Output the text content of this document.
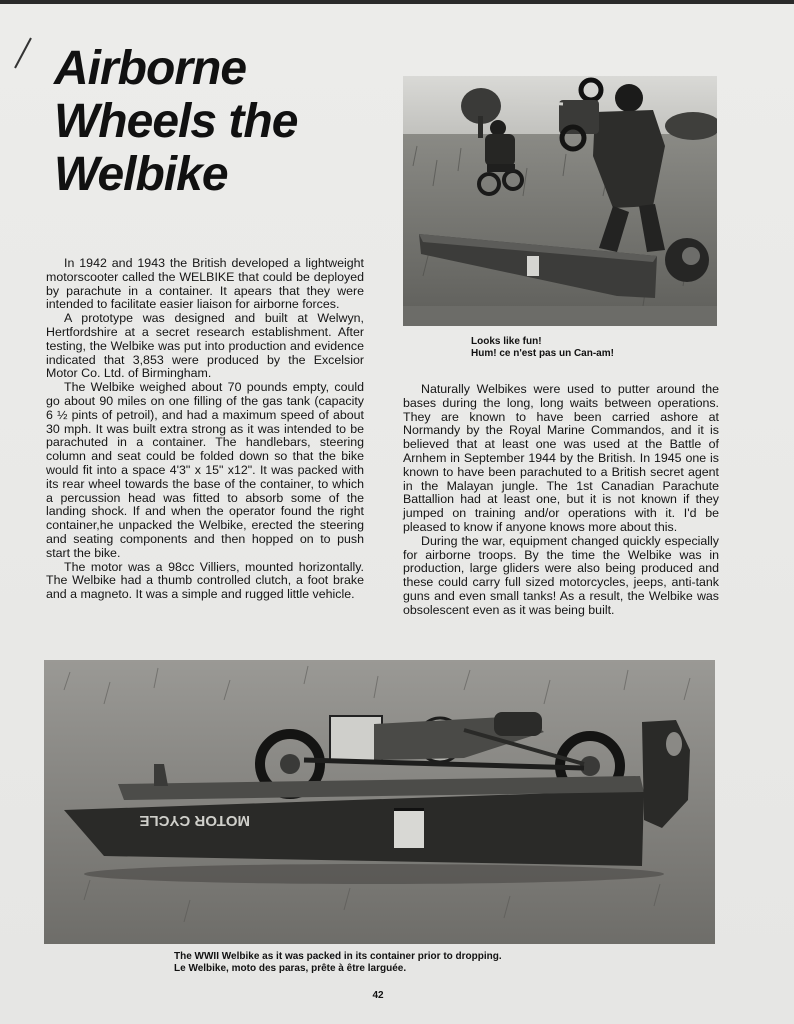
Airborne
Wheels the
Welbike

In 1942 and 1943 the British developed a lightweight motorscooter called the WELBIKE that could be deployed by parachute in a container. It apears that they were intended to facilitate easier liaison for airborne forces.

A prototype was designed and built at Welwyn, Hertfordshire at a secret research establishment. After testing, the Welbike was put into production and evidence indicated that 3,853 were produced by the Excelsior Motor Co. Ltd. of Birmingham.

The Welbike weighed about 70 pounds empty, could go about 90 miles on one filling of the gas tank (capacity 6 ½ pints of petroil), and had a maximum speed of about 30 mph. It was built extra strong as it was intended to be parachuted in a container. The handlebars, steering column and seat could be folded down so that the bike would fit into a space 4'3" x 15" x12". It was packed with its rear wheel towards the base of the container, to which a percussion head was fitted to absorb some of the landing shock. If and when the operator found the right container,he unpacked the Welbike, erected the steering and seating components and then hopped on to push start the bike.

The motor was a 98cc Villiers, mounted horizontally. The Welbike had a thumb controlled clutch, a foot brake and a magneto. It was a simple and rugged little vehicle.

Looks like fun!
Hum! ce n'est pas un Can-am!

Naturally Welbikes were used to putter around the bases during the long, long waits between operations. They are known to have been carried ashore at Normandy by the Royal Marine Commandos, and it is believed that at least one was used at the Battle of Arnhem in September 1944 by the British. In 1945 one is known to have been parachuted to a British secret agent in the Malayan jungle. The 1st Canadian Parachute Battallion had at least one, but it is not known if they jumped on training and/or operations with it. I'd be pleased to know if anyone knows more about this.

During the war, equipment changed quickly especially for airborne troops. By the time the Welbike was in production, large gliders were also being produced and these could carry full sized motorcycles, jeeps, anti-tank guns and even small tanks! As a result, the Welbike was obsolescent even as it was being built.

MOTOR CYCLE
The WWII Welbike as it was packed in its container prior to dropping.
Le Welbike, moto des paras, prête à être larguée.
42
